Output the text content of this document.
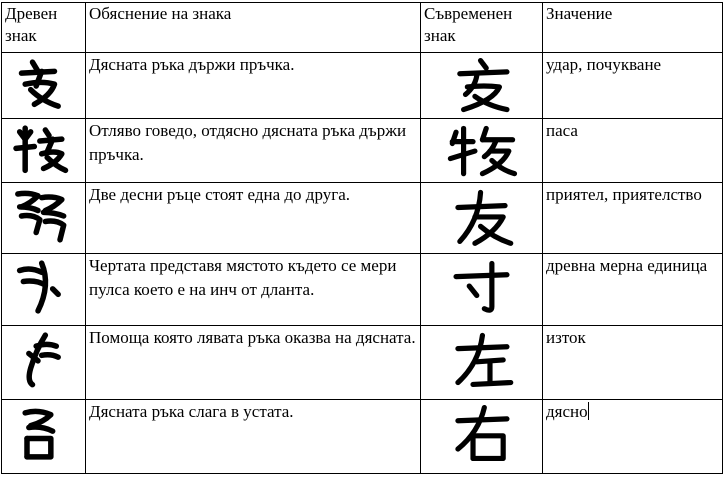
Древен знак	Обяснение на знака	Съвременен знак	Значение

	Дясната ръка държи пръчка.		удар, почукване

	Отляво говедо, отдясно дясната ръка държи пръчка.		паса

	Две десни ръце стоят една до друга.		приятел, приятелство

	Чертата представя мястото където се мери пулса което е на инч от дланта.		древна мерна единица

	Помоща която лявата ръка оказва на дясната.		изток

	Дясната ръка слага в устата.		дясно
